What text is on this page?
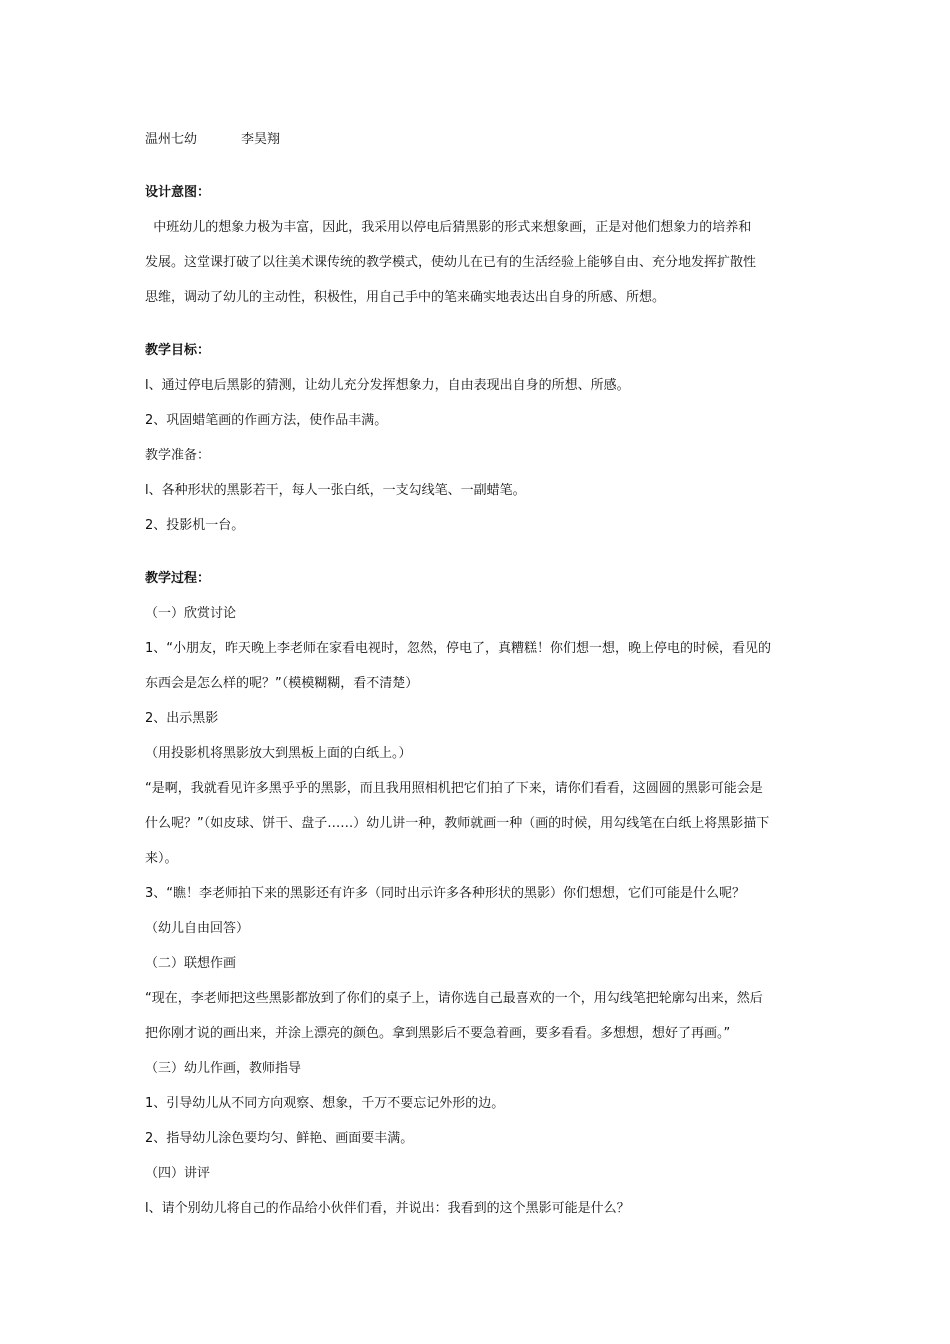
温州七幼	李昊翔
设计意图：
中班幼儿的想象力极为丰富，因此，我采用以停电后猜黑影的形式来想象画，正是对他们想象力的培养和
发展。这堂课打破了以往美术课传统的教学模式，使幼儿在已有的生活经验上能够自由、充分地发挥扩散性
思维，调动了幼儿的主动性，积极性，用自己手中的笔来确实地表达出自身的所感、所想。
教学目标：
l、通过停电后黑影的猜测，让幼儿充分发挥想象力，自由表现出自身的所想、所感。
2、巩固蜡笔画的作画方法，使作品丰满。
教学准备：
l、各种形状的黑影若干，每人一张白纸，一支勾线笔、一副蜡笔。
2、投影机一台。
教学过程：
（一）欣赏讨论
1、“小朋友，昨天晚上李老师在家看电视时，忽然，停电了，真糟糕！你们想一想，晚上停电的时候，看见的
东西会是怎么样的呢？”（模模糊糊，看不清楚）
2、出示黑影
（用投影机将黑影放大到黑板上面的白纸上。）
“是啊，我就看见许多黑乎乎的黑影，而且我用照相机把它们拍了下来，请你们看看，这圆圆的黑影可能会是
什么呢？”（如皮球、饼干、盘子……）幼儿讲一种，教师就画一种（画的时候，用勾线笔在白纸上将黑影描下
来）。
3、“瞧！李老师拍下来的黑影还有许多（同时出示许多各种形状的黑影）你们想想，它们可能是什么呢？
（幼儿自由回答）
（二）联想作画
“现在，李老师把这些黑影都放到了你们的桌子上，请你选自己最喜欢的一个，用勾线笔把轮廓勾出来，然后
把你刚才说的画出来，并涂上漂亮的颜色。拿到黑影后不要急着画，要多看看。多想想，想好了再画。”
（三）幼儿作画，教师指导
1、引导幼儿从不同方向观察、想象，千万不要忘记外形的边。
2、指导幼儿涂色要均匀、鲜艳、画面要丰满。
（四）讲评
l、请个别幼儿将自己的作品给小伙伴们看，并说出：我看到的这个黑影可能是什么？
